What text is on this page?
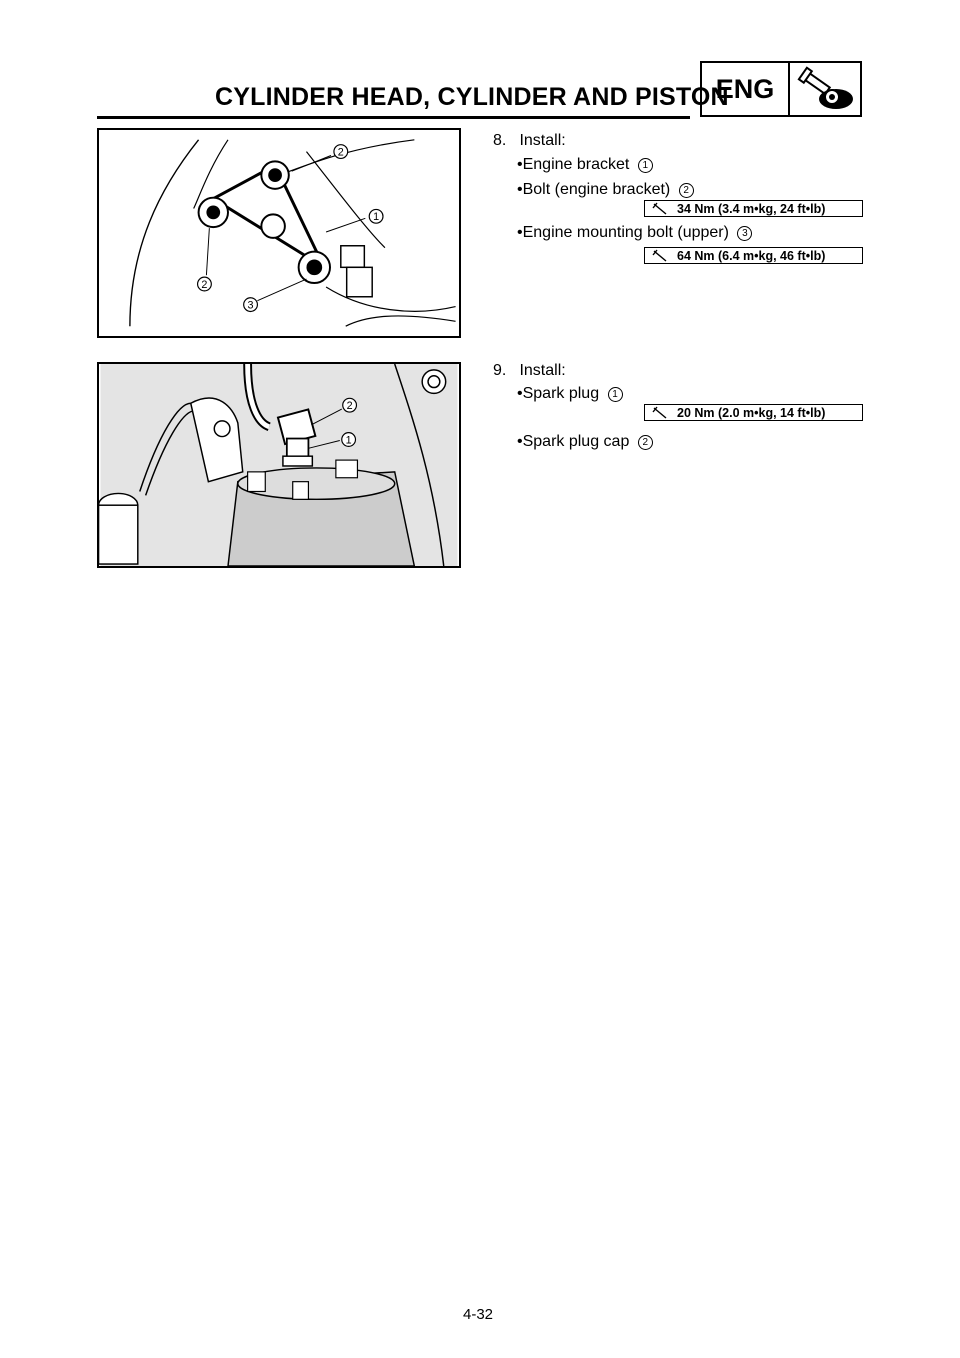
CYLINDER HEAD, CYLINDER AND PISTON
ENG
2
1
2
3
2
1
8. Install:
•Engine bracket 1
•Bolt (engine bracket) 2
34 Nm (3.4 m•kg, 24 ft•lb)
•Engine mounting bolt (upper) 3
64 Nm (6.4 m•kg, 46 ft•lb)
9. Install:
•Spark plug 1
20 Nm (2.0 m•kg, 14 ft•lb)
•Spark plug cap 2
4-32
